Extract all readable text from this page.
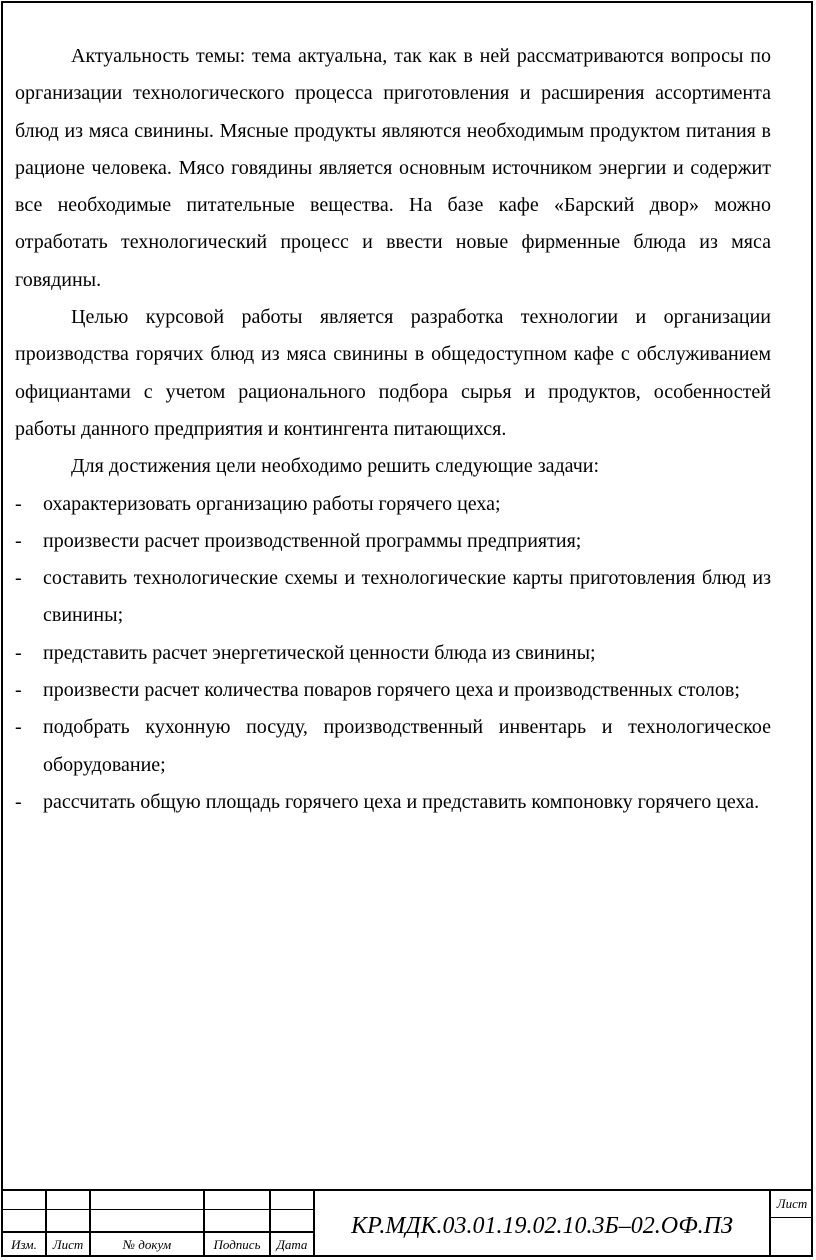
Актуальность темы: тема актуальна, так как в ней рассматриваются вопросы по организации технологического процесса приготовления и расширения ассортимента блюд из мяса свинины. Мясные продукты являются необходимым продуктом питания в рационе человека. Мясо говядины является основным источником энергии и содержит все необходимые питательные вещества. На базе кафе «Барский двор» можно отработать технологический процесс и ввести новые фирменные блюда из мяса говядины.

Целью курсовой работы является разработка технологии и организации производства горячих блюд из мяса свинины в общедоступном кафе с обслуживанием официантами с учетом рационального подбора сырья и продуктов, особенностей работы данного предприятия и контингента питающихся.

Для достижения цели необходимо решить следующие задачи:

- охарактеризовать организацию работы горячего цеха;
- произвести расчет производственной программы предприятия;
- составить технологические схемы и технологические карты приготовления блюд из свинины;
- представить расчет энергетической ценности блюда из свинины;
- произвести расчет количества поваров горячего цеха и производственных столов;
- подобрать кухонную посуду, производственный инвентарь и технологическое оборудование;
- рассчитать общую площадь горячего цеха и представить компоновку горячего цеха.
Изм.	Лист	№ докум	Подпись	Дата
КР.МДК.03.01.19.02.10.3Б–02.ОФ.ПЗ
Лист
